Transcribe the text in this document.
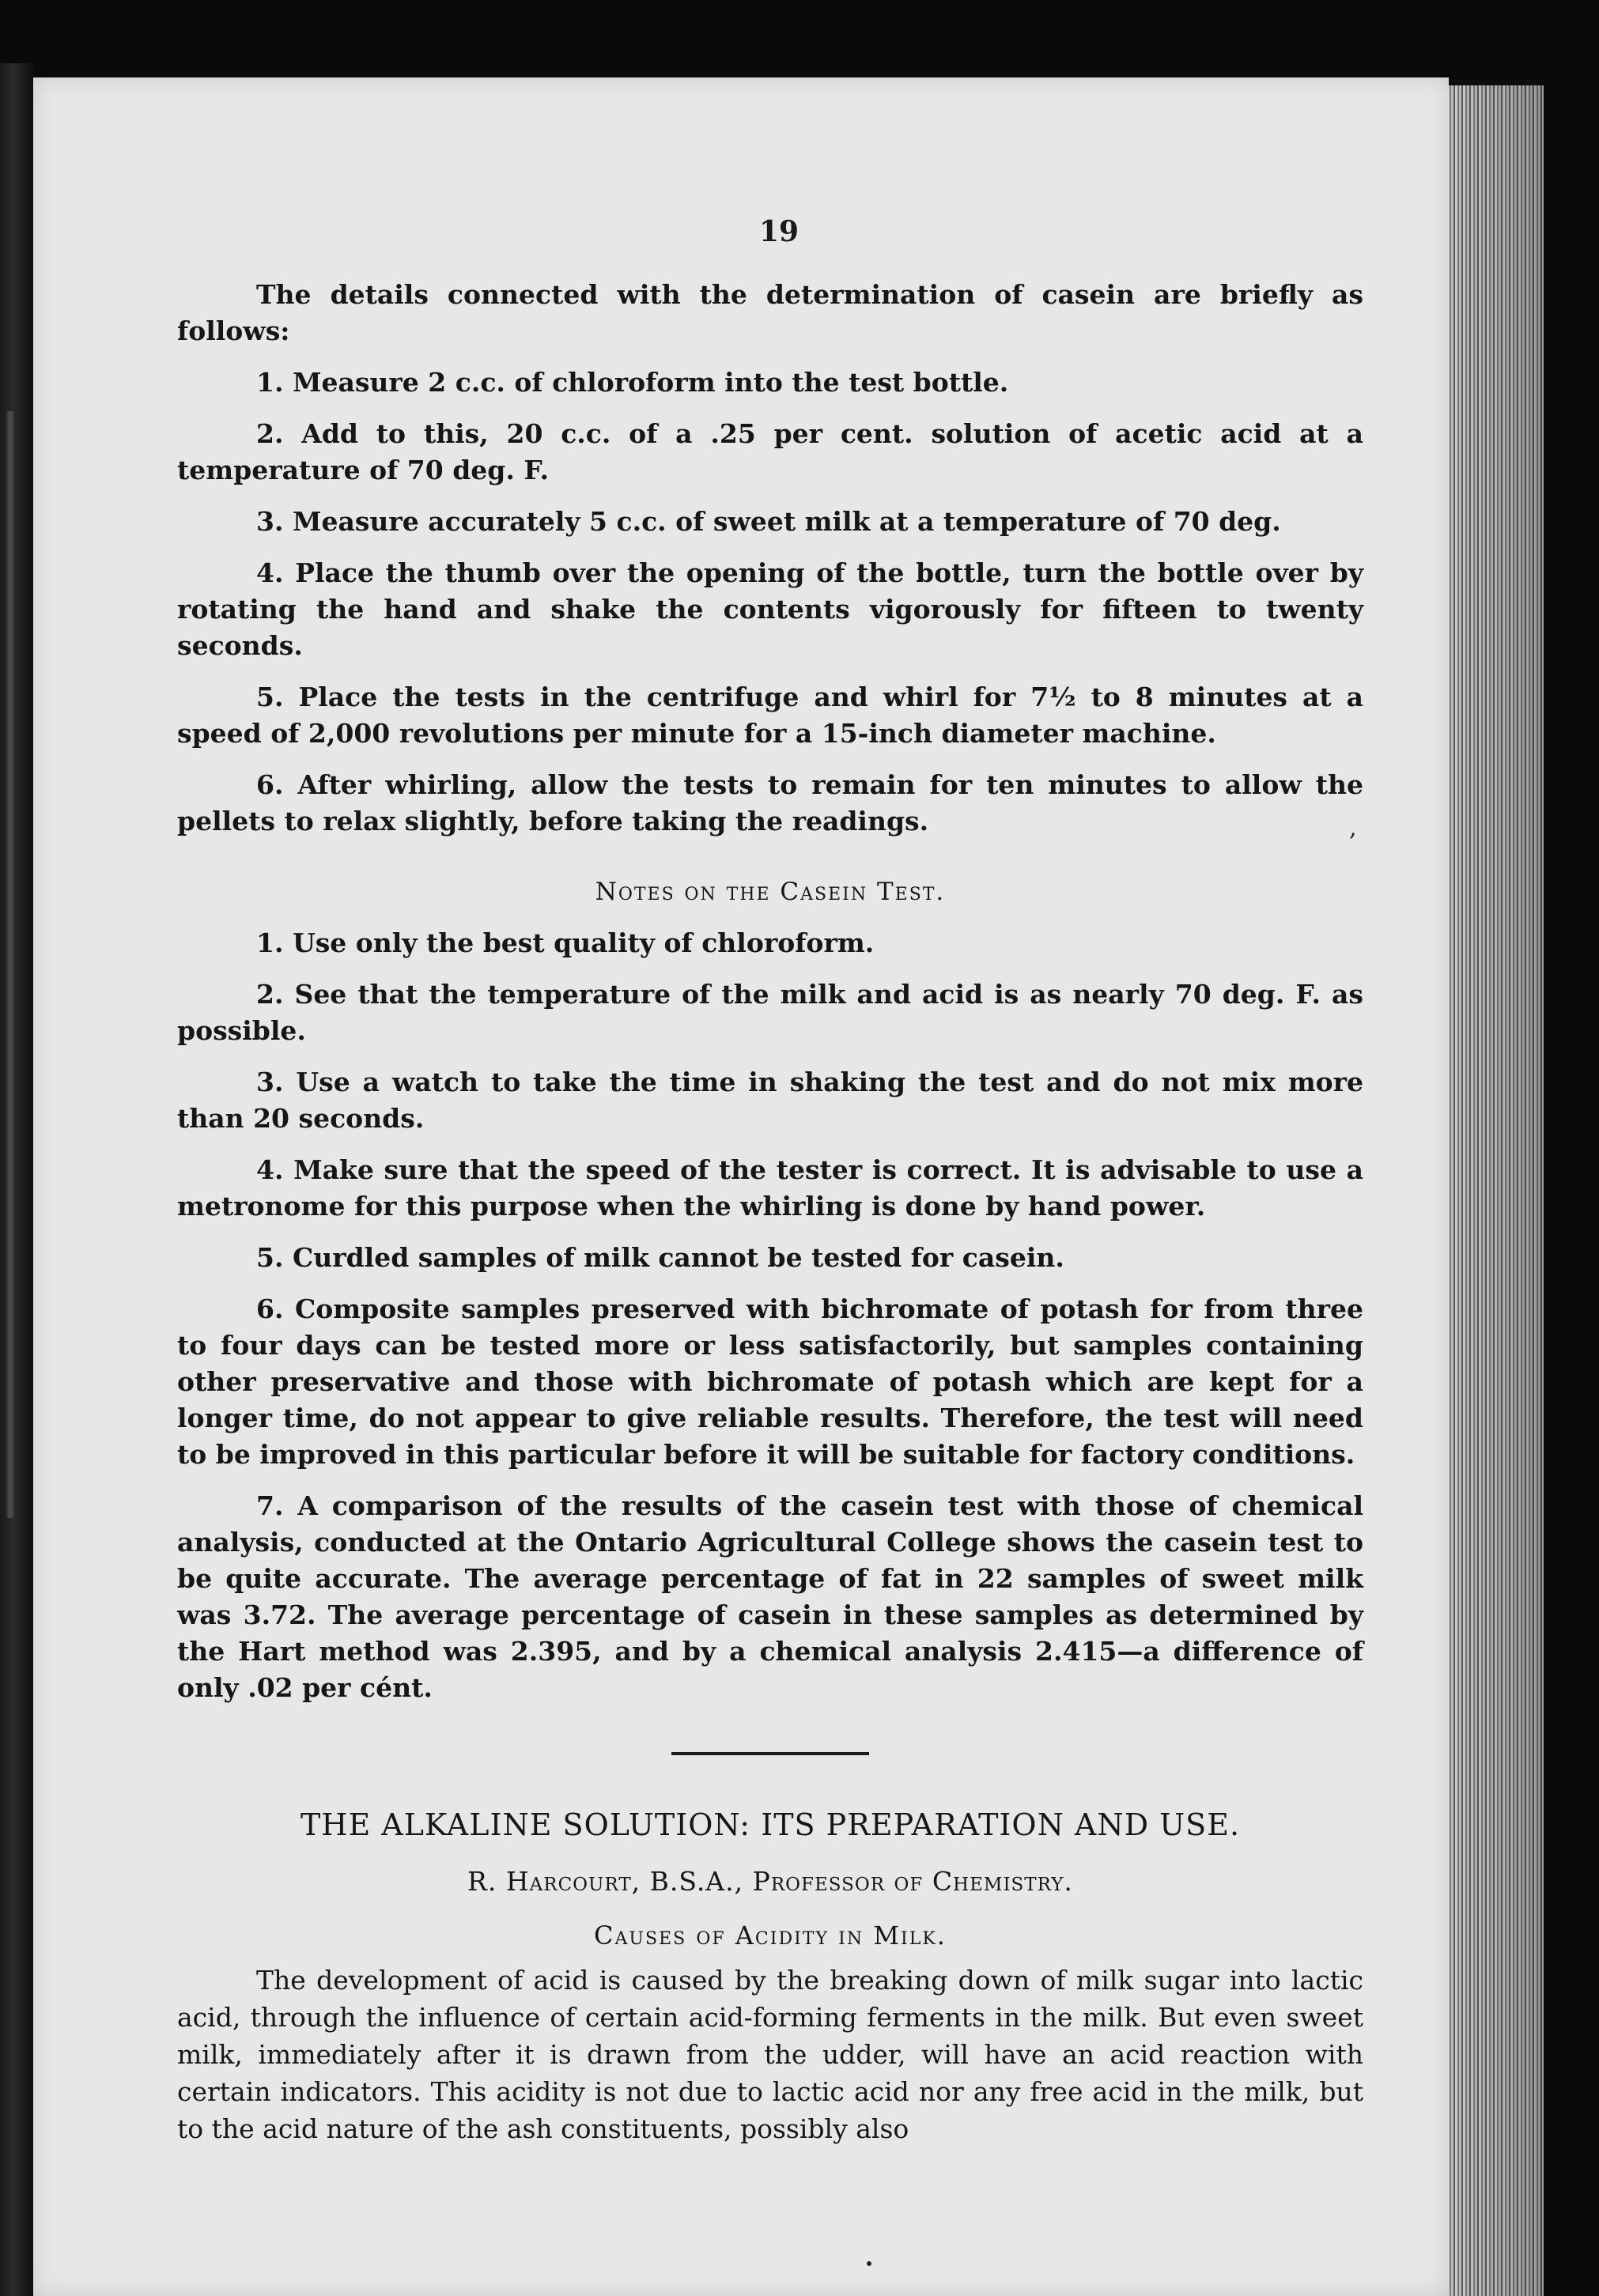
19

The details connected with the determination of casein are briefly as follows:

1. Measure 2 c.c. of chloroform into the test bottle.

2. Add to this, 20 c.c. of a .25 per cent. solution of acetic acid at a temperature of 70 deg. F.

3. Measure accurately 5 c.c. of sweet milk at a temperature of 70 deg.

4. Place the thumb over the opening of the bottle, turn the bottle over by rotating the hand and shake the contents vigorously for fifteen to twenty seconds.

5. Place the tests in the centrifuge and whirl for 7½ to 8 minutes at a speed of 2,000 revolutions per minute for a 15-inch diameter machine.

6. After whirling, allow the tests to remain for ten minutes to allow the pellets to relax slightly, before taking the readings.

Notes on the Casein Test.

1. Use only the best quality of chloroform.

2. See that the temperature of the milk and acid is as nearly 70 deg. F. as possible.

3. Use a watch to take the time in shaking the test and do not mix more than 20 seconds.

4. Make sure that the speed of the tester is correct. It is advisable to use a metronome for this purpose when the whirling is done by hand power.

5. Curdled samples of milk cannot be tested for casein.

6. Composite samples preserved with bichromate of potash for from three to four days can be tested more or less satisfactorily, but samples containing other preservative and those with bichromate of potash which are kept for a longer time, do not appear to give reliable results. Therefore, the test will need to be improved in this particular before it will be suitable for factory conditions.

7. A comparison of the results of the casein test with those of chemical analysis, conducted at the Ontario Agricultural College shows the casein test to be quite accurate. The average percentage of fat in 22 samples of sweet milk was 3.72. The average percentage of casein in these samples as determined by the Hart method was 2.395, and by a chemical analysis 2.415—a difference of only .02 per cént.

THE ALKALINE SOLUTION: ITS PREPARATION AND USE.
R. Harcourt, B.S.A., Professor of Chemistry.
Causes of Acidity in Milk.

The development of acid is caused by the breaking down of milk sugar into lactic acid, through the influence of certain acid-forming ferments in the milk. But even sweet milk, immediately after it is drawn from the udder, will have an acid reaction with certain indicators. This acidity is not due to lactic acid nor any free acid in the milk, but to the acid nature of the ash constituents, possibly also

,
